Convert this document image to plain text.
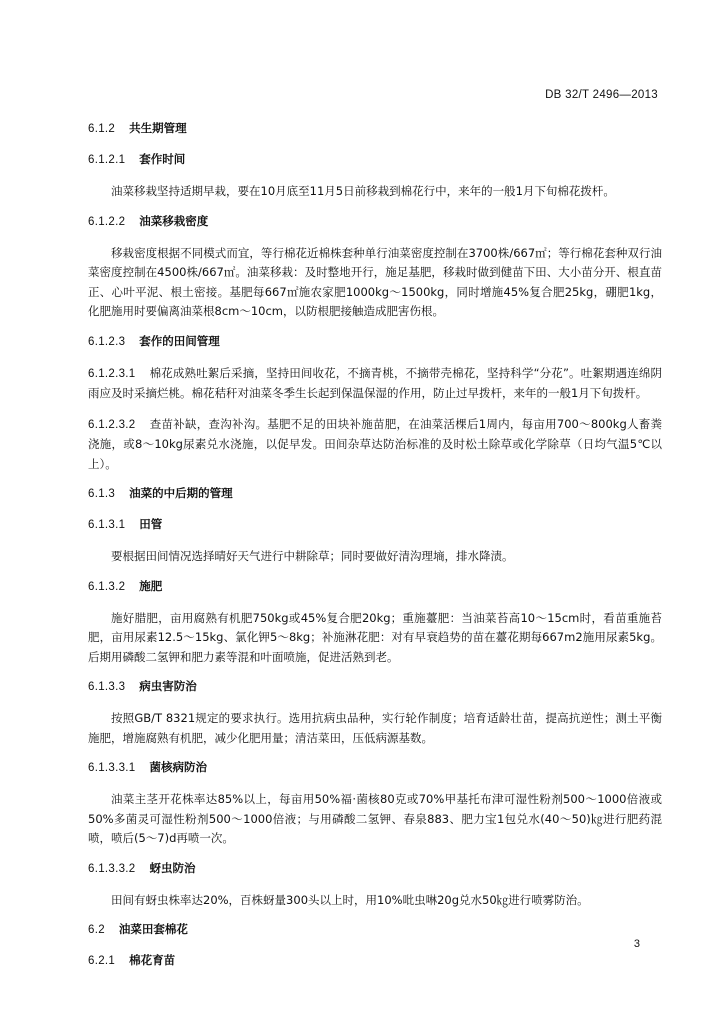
DB 32/T 2496—2013
6.1.2 共生期管理
6.1.2.1 套作时间
油菜移栽坚持适期早栽，要在10月底至11月5日前移栽到棉花行中，来年的一般1月下旬棉花拨杆。
6.1.2.2 油菜移栽密度
移栽密度根据不同模式而宜，等行棉花近棉株套种单行油菜密度控制在3700株/667㎡；等行棉花套种双行油菜密度控制在4500株/667㎡。油菜移栽：及时整地开行，施足基肥，移栽时做到健苗下田、大小苗分开、根直苗正、心叶平泥、根土密接。基肥每667㎡施农家肥1000kg～1500kg，同时增施45%复合肥25kg，硼肥1kg，化肥施用时要偏离油菜根8cm～10cm，以防根肥接触造成肥害伤根。
6.1.2.3 套作的田间管理
6.1.2.3.1 棉花成熟吐絮后采摘，坚持田间收花，不摘青桃，不摘带壳棉花，坚持科学“分花”。吐絮期遇连绵阴雨应及时采摘烂桃。棉花秸秆对油菜冬季生长起到保温保湿的作用，防止过早拨杆，来年的一般1月下旬拨杆。
6.1.2.3.2 查苗补缺，查沟补沟。基肥不足的田块补施苗肥，在油菜活棵后1周内，每亩用700～800kg人畜粪浇施，或8～10kg尿素兑水浇施，以促早发。田间杂草达防治标准的及时松土除草或化学除草（日均气温5℃以上）。
6.1.3 油菜的中后期的管理
6.1.3.1 田管
要根据田间情况选择晴好天气进行中耕除草；同时要做好清沟理墒，排水降渍。
6.1.3.2 施肥
施好腊肥，亩用腐熟有机肥750kg或45%复合肥20kg；重施薹肥：当油菜苔高10～15cm时，看苗重施苔肥，亩用尿素12.5～15kg、氯化钾5～8kg；补施淋花肥：对有早衰趋势的苗在薹花期每667m2施用尿素5kg。后期用磷酸二氢钾和肥力素等混和叶面喷施，促进活熟到老。
6.1.3.3 病虫害防治
按照GB/T 8321规定的要求执行。选用抗病虫品种，实行轮作制度；培育适龄壮苗，提高抗逆性；测土平衡施肥，增施腐熟有机肥，减少化肥用量；清洁菜田，压低病源基数。
6.1.3.3.1 菌核病防治
油菜主茎开花株率达85%以上，每亩用50%福·菌核80克或70%甲基托布津可湿性粉剂500～1000倍液或50%多菌灵可湿性粉剂500～1000倍液；与用磷酸二氢钾、春泉883、肥力宝1包兑水(40～50)㎏进行肥药混喷，喷后(5～7)d再喷一次。
6.1.3.3.2 蚜虫防治
田间有蚜虫株率达20%，百株蚜量300头以上时，用10%吡虫啉20g兑水50㎏进行喷雾防治。
6.2 油菜田套棉花
6.2.1 棉花育苗
3
